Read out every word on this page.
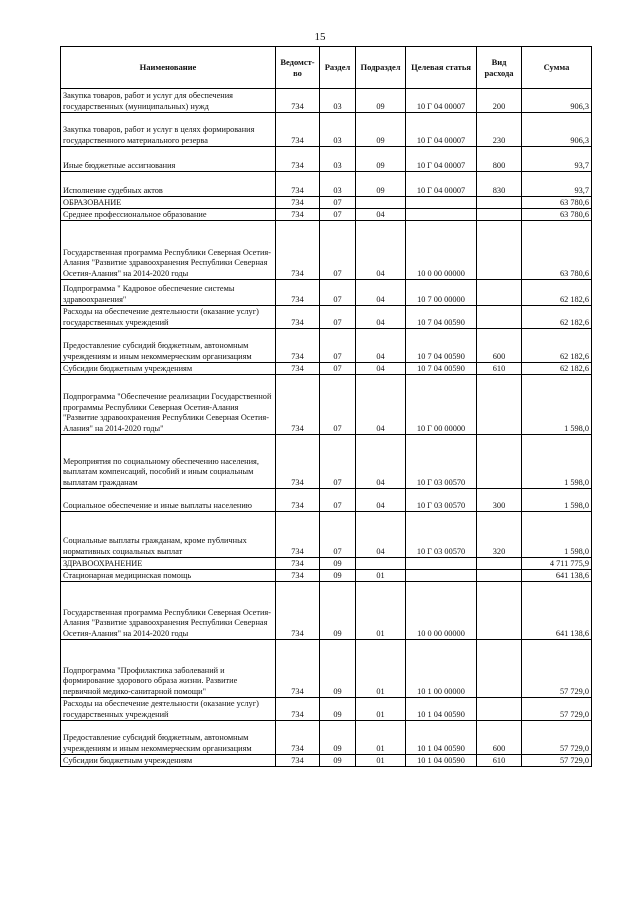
15
Наименование	Ведомст-во	Раздел	Подраздел	Целевая статья	Вид расхода	Сумма
Закупка товаров, работ и услуг для обеспечения государственных (муниципальных) нужд	734	03	09	10 Г 04 00007	200	906,3
Закупка товаров, работ и услуг в целях формирования государственного материального резерва	734	03	09	10 Г 04 00007	230	906,3
Иные бюджетные ассигнования	734	03	09	10 Г 04 00007	800	93,7
Исполнение судебных актов	734	03	09	10 Г 04 00007	830	93,7
ОБРАЗОВАНИЕ	734	07				63 780,6
Среднее профессиональное образование	734	07	04			63 780,6
Государственная программа Республики Северная Осетия-Алания "Развитие здравоохранения Республики Северная Осетия-Алания" на 2014-2020 годы	734	07	04	10 0 00 00000		63 780,6
Подпрограмма " Кадровое обеспечение системы здравоохранения"	734	07	04	10 7 00 00000		62 182,6
Расходы на обеспечение деятельности (оказание услуг) государственных учреждений	734	07	04	10 7 04 00590		62 182,6
Предоставление субсидий бюджетным, автономным учреждениям и иным некоммерческим организациям	734	07	04	10 7 04 00590	600	62 182,6
Субсидии бюджетным учреждениям	734	07	04	10 7 04 00590	610	62 182,6
Подпрограмма "Обеспечение реализации Государственной программы Республики Северная Осетия-Алания "Развитие здравоохранения Республики Северная Осетия-Алания" на 2014-2020 годы"	734	07	04	10 Г 00 00000		1 598,0
Мероприятия по социальному обеспечению населения, выплатам компенсаций, пособий и иным социальным выплатам гражданам	734	07	04	10 Г 03 00570		1 598,0
Социальное обеспечение и иные выплаты населению	734	07	04	10 Г 03 00570	300	1 598,0
Социальные выплаты гражданам, кроме публичных нормативных социальных выплат	734	07	04	10 Г 03 00570	320	1 598,0
ЗДРАВООХРАНЕНИЕ	734	09				4 711 775,9
Стационарная медицинская помощь	734	09	01			641 138,6
Государственная программа Республики Северная Осетия-Алания "Развитие здравоохранения Республики Северная Осетия-Алания" на 2014-2020 годы	734	09	01	10 0 00 00000		641 138,6
Подпрограмма "Профилактика заболеваний и формирование здорового образа жизни. Развитие первичной медико-санитарной помощи"	734	09	01	10 1 00 00000		57 729,0
Расходы на обеспечение деятельности (оказание услуг) государственных учреждений	734	09	01	10 1 04 00590		57 729,0
Предоставление субсидий бюджетным, автономным учреждениям и иным некоммерческим организациям	734	09	01	10 1 04 00590	600	57 729,0
Субсидии бюджетным учреждениям	734	09	01	10 1 04 00590	610	57 729,0
